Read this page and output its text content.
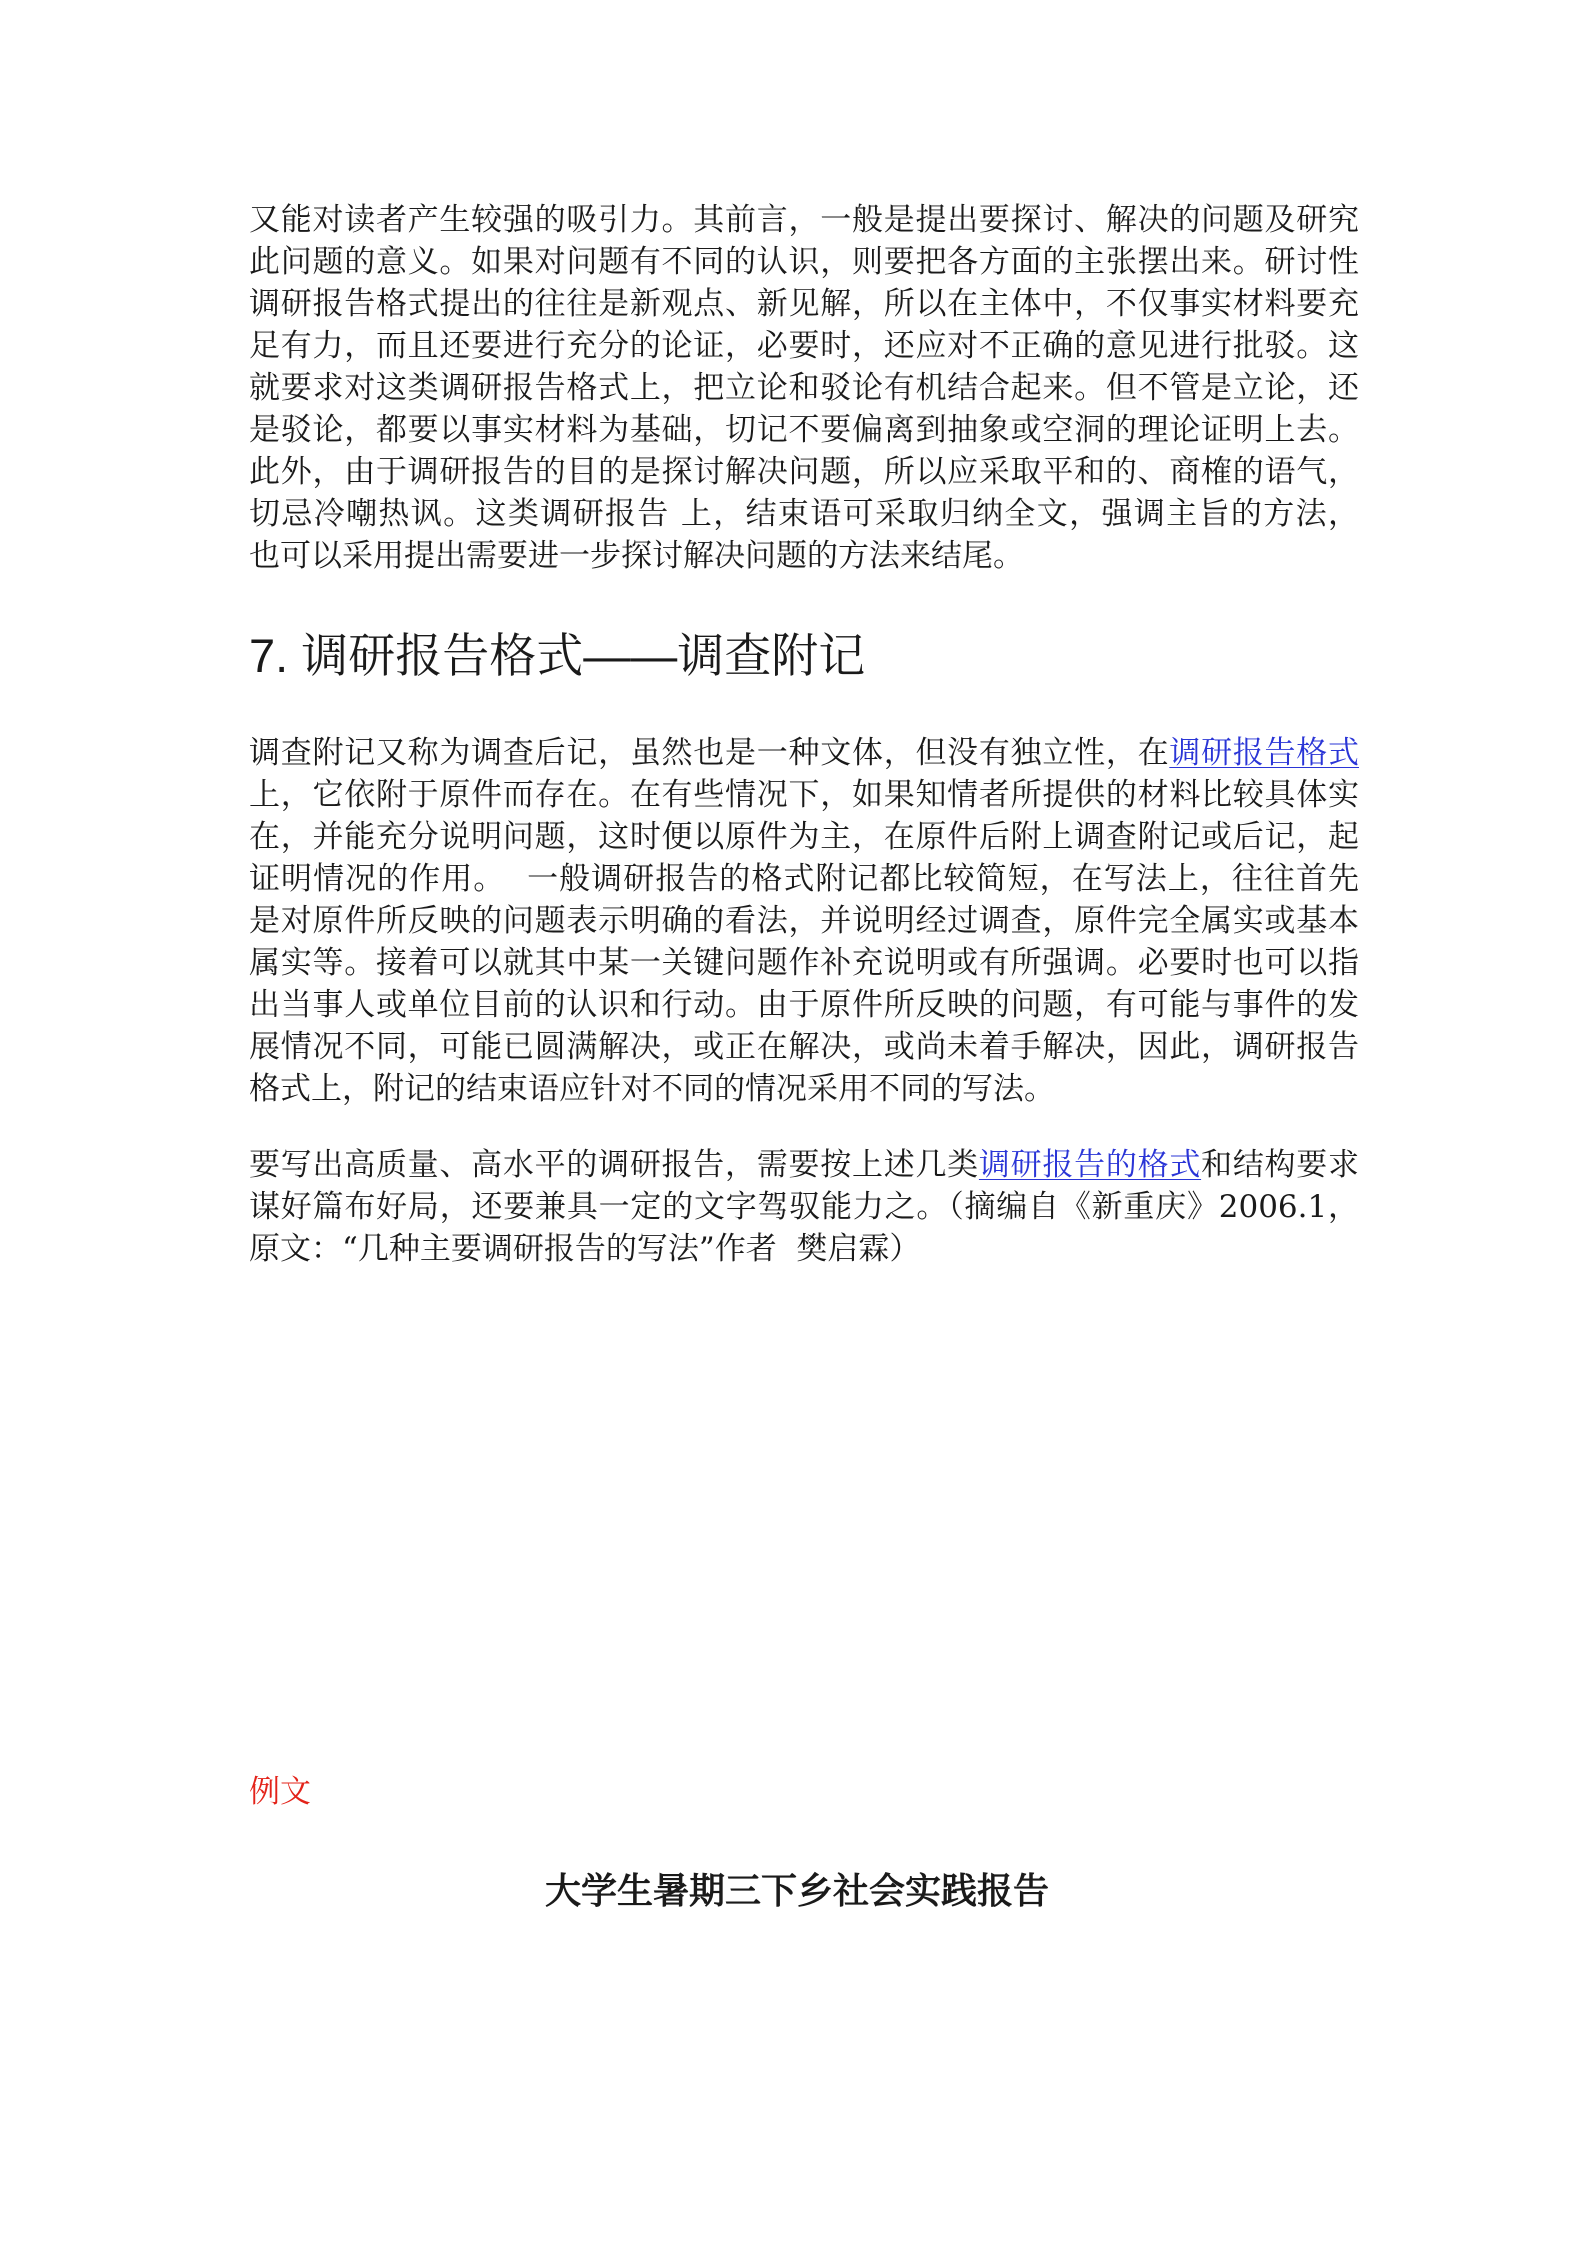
又能对读者产生较强的吸引力。其前言，一般是提出要探讨、解决的问题及研究
此问题的意义。如果对问题有不同的认识，则要把各方面的主张摆出来。研讨性
调研报告格式提出的往往是新观点、新见解，所以在主体中，不仅事实材料要充
足有力，而且还要进行充分的论证，必要时，还应对不正确的意见进行批驳。这
就要求对这类调研报告格式上，把立论和驳论有机结合起来。但不管是立论，还
是驳论，都要以事实材料为基础，切记不要偏离到抽象或空洞的理论证明上去。
此外，由于调研报告的目的是探讨解决问题，所以应采取平和的、商榷的语气，
切忌冷嘲热讽。这类调研报告 上，结束语可采取归纳全文，强调主旨的方法，
也可以采用提出需要进一步探讨解决问题的方法来结尾。
7. 调研报告格式——调查附记
调查附记又称为调查后记，虽然也是一种文体，但没有独立性，在调研报告格式
上，它依附于原件而存在。在有些情况下，如果知情者所提供的材料比较具体实
在，并能充分说明问题，这时便以原件为主，在原件后附上调查附记或后记，起
证明情况的作用。  一般调研报告的格式附记都比较简短，在写法上，往往首先
是对原件所反映的问题表示明确的看法，并说明经过调查，原件完全属实或基本
属实等。接着可以就其中某一关键问题作补充说明或有所强调。必要时也可以指
出当事人或单位目前的认识和行动。由于原件所反映的问题，有可能与事件的发
展情况不同，可能已圆满解决，或正在解决，或尚未着手解决，因此，调研报告
格式上，附记的结束语应针对不同的情况采用不同的写法。
要写出高质量、高水平的调研报告，需要按上述几类调研报告的格式和结构要求
谋好篇布好局，还要兼具一定的文字驾驭能力之。（摘编自《新重庆》2006.1，
原文：“几种主要调研报告的写法”作者  樊启霖）
例文
大学生暑期三下乡社会实践报告
